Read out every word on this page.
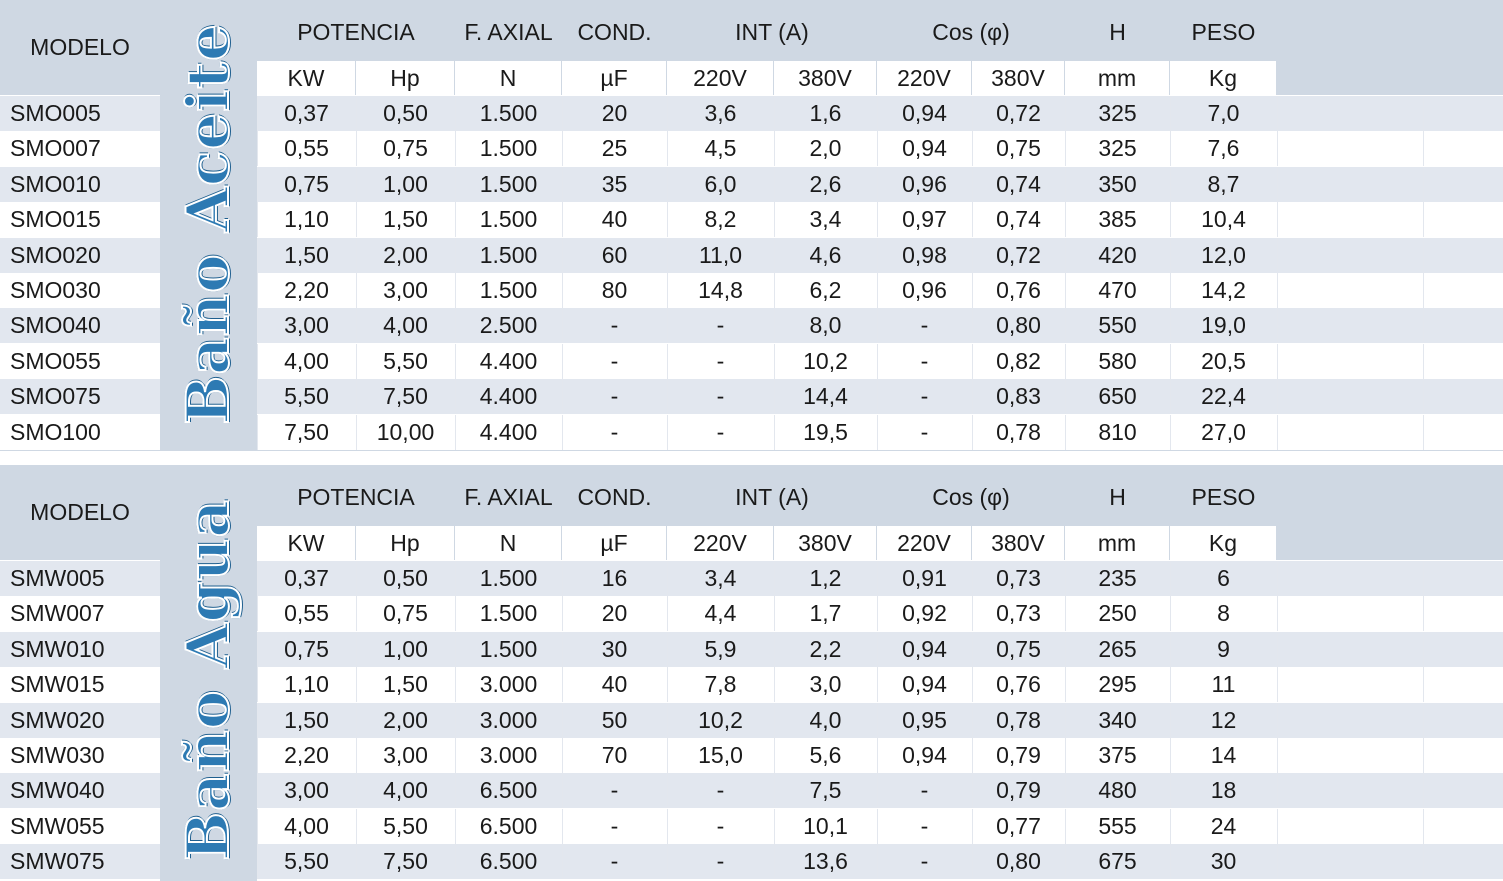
MODELO
POTENCIA	F. AXIAL	COND.	INT (A)	Cos (φ)	H	PESO
KW	Hp	N	µF	220V	380V	220V	380V	mm	Kg
SMO005	0,37	0,50	1.500	20	3,6	1,6	0,94	0,72	325	7,0
SMO007	0,55	0,75	1.500	25	4,5	2,0	0,94	0,75	325	7,6
SMO010	0,75	1,00	1.500	35	6,0	2,6	0,96	0,74	350	8,7
SMO015	1,10	1,50	1.500	40	8,2	3,4	0,97	0,74	385	10,4
SMO020	1,50	2,00	1.500	60	11,0	4,6	0,98	0,72	420	12,0
SMO030	2,20	3,00	1.500	80	14,8	6,2	0,96	0,76	470	14,2
SMO040	3,00	4,00	2.500	-	-	8,0	-	0,80	550	19,0
SMO055	4,00	5,50	4.400	-	-	10,2	-	0,82	580	20,5
SMO075	5,50	7,50	4.400	-	-	14,4	-	0,83	650	22,4
SMO100	7,50	10,00	4.400	-	-	19,5	-	0,78	810	27,0
Baño Aceite
MODELO
POTENCIA	F. AXIAL	COND.	INT (A)	Cos (φ)	H	PESO
KW	Hp	N	µF	220V	380V	220V	380V	mm	Kg
SMW005	0,37	0,50	1.500	16	3,4	1,2	0,91	0,73	235	6
SMW007	0,55	0,75	1.500	20	4,4	1,7	0,92	0,73	250	8
SMW010	0,75	1,00	1.500	30	5,9	2,2	0,94	0,75	265	9
SMW015	1,10	1,50	3.000	40	7,8	3,0	0,94	0,76	295	11
SMW020	1,50	2,00	3.000	50	10,2	4,0	0,95	0,78	340	12
SMW030	2,20	3,00	3.000	70	15,0	5,6	0,94	0,79	375	14
SMW040	3,00	4,00	6.500	-	-	7,5	-	0,79	480	18
SMW055	4,00	5,50	6.500	-	-	10,1	-	0,77	555	24
SMW075	5,50	7,50	6.500	-	-	13,6	-	0,80	675	30
Baño Agua
